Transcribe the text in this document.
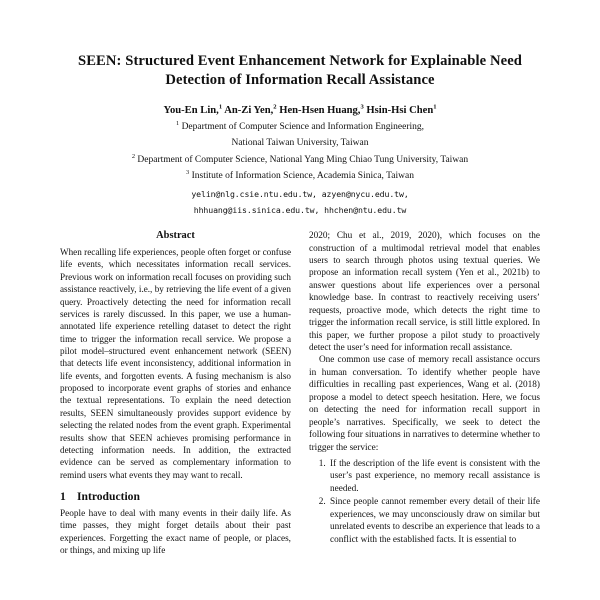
SEEN: Structured Event Enhancement Network for Explainable Need Detection of Information Recall Assistance
You-En Lin,$^1$ An-Zi Yen,$^2$ Hen-Hsen Huang,$^3$ Hsin-Hsi Chen$^1$
$^1$ Department of Computer Science and Information Engineering,
National Taiwan University, Taiwan
$^2$ Department of Computer Science, National Yang Ming Chiao Tung University, Taiwan
$^3$ Institute of Information Science, Academia Sinica, Taiwan
yelin@nlg.csie.ntu.edu.tw, azyen@nycu.edu.tw,
hhhuang@iis.sinica.edu.tw, hhchen@ntu.edu.tw
Abstract

When recalling life experiences, people often forget or confuse life events, which necessitates information recall services. Previous work on information recall focuses on providing such assistance reactively, i.e., by retrieving the life event of a given query. Proactively detecting the need for information recall services is rarely discussed. In this paper, we use a human-annotated life experience retelling dataset to detect the right time to trigger the information recall service. We propose a pilot model–structured event enhancement network (SEEN) that detects life event inconsistency, additional information in life events, and forgotten events. A fusing mechanism is also proposed to incorporate event graphs of stories and enhance the textual representations. To explain the need detection results, SEEN simultaneously provides support evidence by selecting the related nodes from the event graph. Experimental results show that SEEN achieves promising performance in detecting information needs. In addition, the extracted evidence can be served as complementary information to remind users what events they may want to recall.

1 Introduction

People have to deal with many events in their daily life. As time passes, they might forget details about their past experiences. Forgetting the exact name of people, or places, or things, and mixing up life

2020; Chu et al., 2019, 2020), which focuses on the construction of a multimodal retrieval model that enables users to search through photos using textual queries. We propose an information recall system (Yen et al., 2021b) to answer questions about life experiences over a personal knowledge base. In contrast to reactively receiving users’ requests, proactive mode, which detects the right time to trigger the information recall service, is still little explored. In this paper, we further propose a pilot study to proactively detect the user’s need for information recall assistance.

One common use case of memory recall assistance occurs in human conversation. To identify whether people have difficulties in recalling past experiences, Wang et al. (2018) propose a model to detect speech hesitation. Here, we focus on detecting the need for information recall support in people’s narratives. Specifically, we seek to detect the following four situations in narratives to determine whether to trigger the service:

1. If the description of the life event is consistent with the user’s past experience, no memory recall assistance is needed.
2. Since people cannot remember every detail of their life experiences, we may unconsciously draw on similar but unrelated events to describe an experience that leads to a conflict with the established facts. It is essential to
